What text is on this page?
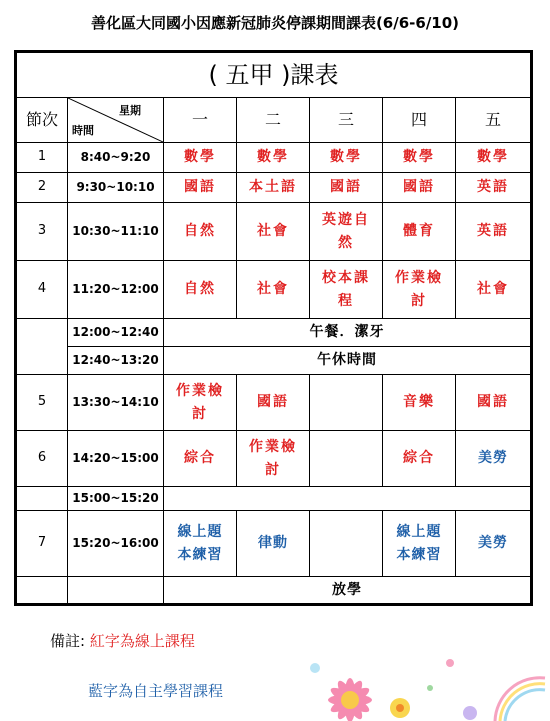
善化區大同國小因應新冠肺炎停課期間課表(6/6-6/10)
( 五甲 )課表						
節次	星期
時間	一	二	三	四	五
1	8:40~9:20	數學	數學	數學	數學	數學
2	9:30~10:10	國語	本土語	國語	國語	英語
3	10:30~11:10	自然	社會	英遊自然	體育	英語
4	11:20~12:00	自然	社會	校本課程	作業檢討	社會
	12:00~12:40	午餐．潔牙				
	12:40~13:20	午休時間				
5	13:30~14:10	作業檢討	國語		音樂	國語
6	14:20~15:00	綜合	作業檢討		綜合	美勞
	15:00~15:20					
7	15:20~16:00	線上題本練習	律動		線上題本練習	美勞
		放學				
備註: 紅字為線上課程
藍字為自主學習課程
